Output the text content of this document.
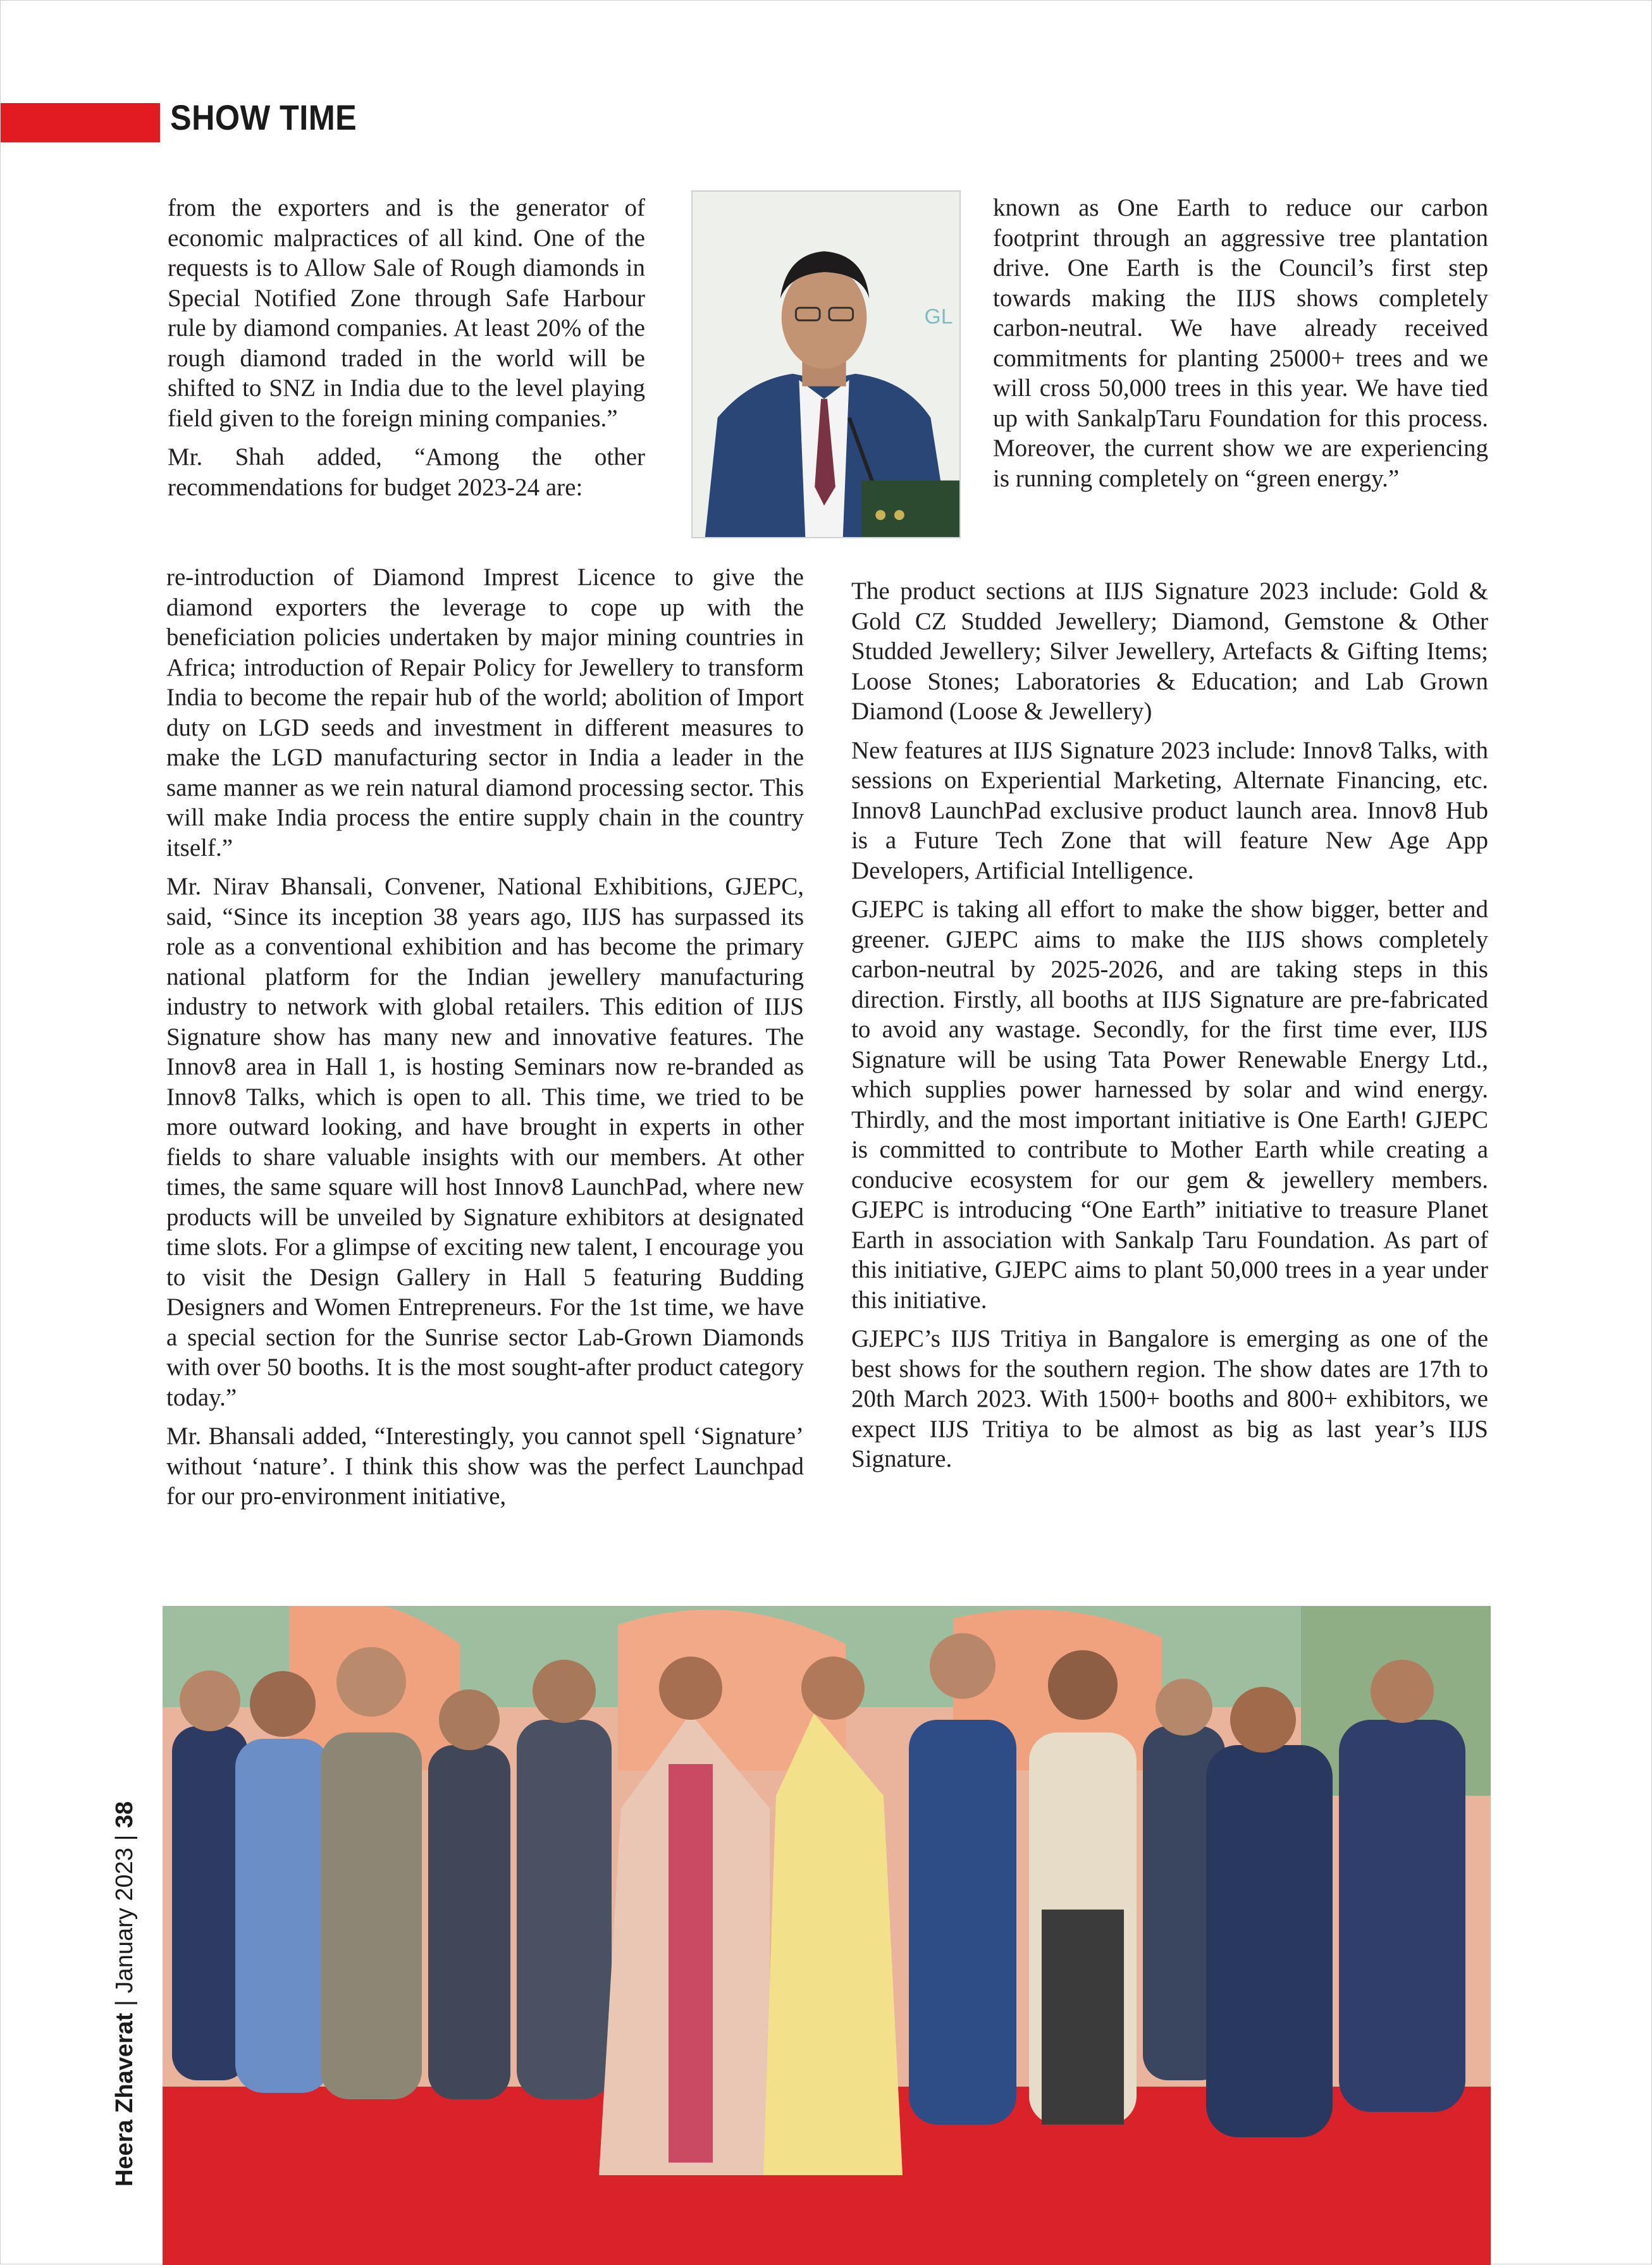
SHOW TIME

from the exporters and is the generator of economic malpractices of all kind. One of the requests is to Allow Sale of Rough diamonds in Special Notified Zone through Safe Harbour rule by diamond companies. At least 20% of the rough diamond traded in the world will be shifted to SNZ in India due to the level playing field given to the foreign mining companies.”

Mr. Shah added, “Among the other recommendations for budget 2023-24 are:

GL

known as One Earth to reduce our carbon footprint through an aggressive tree plantation drive. One Earth is the Council’s first step towards making the IIJS shows completely carbon-neutral. We have already received commitments for planting 25000+ trees and we will cross 50,000 trees in this year. We have tied up with SankalpTaru Foundation for this process. Moreover, the current show we are experiencing is running completely on “green energy.”

re-introduction of Diamond Imprest Licence to give the diamond exporters the leverage to cope up with the beneficiation policies undertaken by major mining countries in Africa; introduction of Repair Policy for Jewellery to transform India to become the repair hub of the world; abolition of Import duty on LGD seeds and investment in different measures to make the LGD manufacturing sector in India a leader in the same manner as we rein natural diamond processing sector. This will make India process the entire supply chain in the country itself.”

Mr. Nirav Bhansali, Convener, National Exhibitions, GJEPC, said, “Since its inception 38 years ago, IIJS has surpassed its role as a conventional exhibition and has become the primary national platform for the Indian jewellery manufacturing industry to network with global retailers. This edition of IIJS Signature show has many new and innovative features. The Innov8 area in Hall 1, is hosting Seminars now re-branded as Innov8 Talks, which is open to all. This time, we tried to be more outward looking, and have brought in experts in other fields to share valuable insights with our members. At other times, the same square will host Innov8 LaunchPad, where new products will be unveiled by Signature exhibitors at designated time slots. For a glimpse of exciting new talent, I encourage you to visit the Design Gallery in Hall 5 featuring Budding Designers and Women Entrepreneurs. For the 1st time, we have a special section for the Sunrise sector Lab-Grown Diamonds with over 50 booths. It is the most sought-after product category today.”

Mr. Bhansali added, “Interestingly, you cannot spell ‘Signature’ without ‘nature’. I think this show was the perfect Launchpad for our pro-environment initiative,

The product sections at IIJS Signature 2023 include: Gold & Gold CZ Studded Jewellery; Diamond, Gemstone & Other Studded Jewellery; Silver Jewellery, Artefacts & Gifting Items; Loose Stones; Laboratories & Education; and Lab Grown Diamond (Loose & Jewellery)

New features at IIJS Signature 2023 include: Innov8 Talks, with sessions on Experiential Marketing, Alternate Financing, etc. Innov8 LaunchPad exclusive product launch area. Innov8 Hub is a Future Tech Zone that will feature New Age App Developers, Artificial Intelligence.

GJEPC is taking all effort to make the show bigger, better and greener. GJEPC aims to make the IIJS shows completely carbon-neutral by 2025-2026, and are taking steps in this direction. Firstly, all booths at IIJS Signature are pre-fabricated to avoid any wastage. Secondly, for the first time ever, IIJS Signature will be using Tata Power Renewable Energy Ltd., which supplies power harnessed by solar and wind energy. Thirdly, and the most important initiative is One Earth! GJEPC is committed to contribute to Mother Earth while creating a conducive ecosystem for our gem & jewellery members. GJEPC is introducing “One Earth” initiative to treasure Planet Earth in association with Sankalp Taru Foundation. As part of this initiative, GJEPC aims to plant 50,000 trees in a year under this initiative.

GJEPC’s IIJS Tritiya in Bangalore is emerging as one of the best shows for the southern region. The show dates are 17th to 20th March 2023. With 1500+ booths and 800+ exhibitors, we expect IIJS Tritiya to be almost as big as last year’s IIJS Signature.

Heera Zhaverat | January 2023 | 38
